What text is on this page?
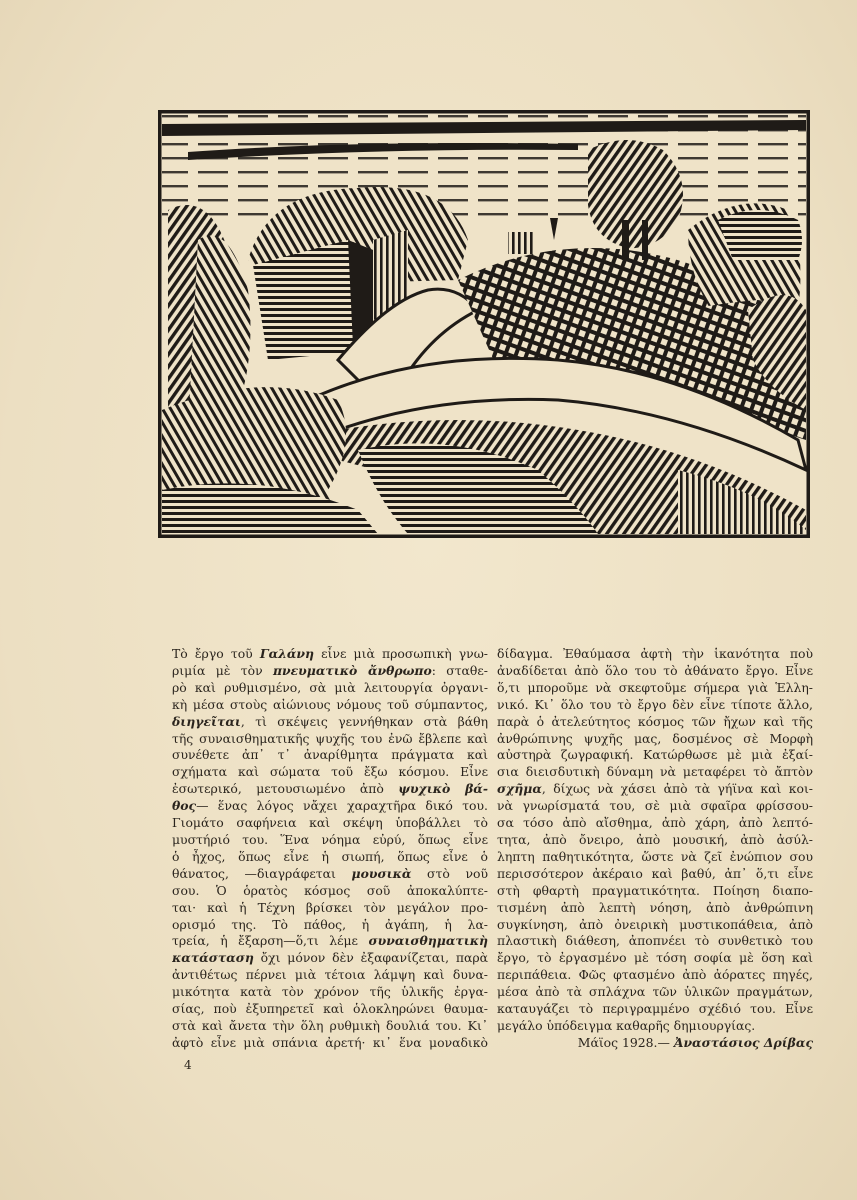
Τὸ ἔργο τοῦ Γαλάνη εἶνε μιὰ προσωπικὴ γνω-
ριμία μὲ τὸν πνευματικὸ ἄνθρωπο: σταθε-
ρὸ καὶ ρυθμισμένο, σὰ μιὰ λειτουργία ὀργανι-
κὴ μέσα στοὺς αἰώνιους νόμους τοῦ σύμπαντος,
διηγεῖται, τὶ σκέψεις γεννήθηκαν στὰ βάθη
τῆς συναισθηματικῆς ψυχῆς του ἐνῶ ἔβλεπε καὶ
συνέθετε ἀπ᾽ τ᾽ ἀναρίθμητα πράγματα καὶ
σχήματα καὶ σώματα τοῦ ἔξω κόσμου. Εἶνε
ἐσωτερικό, μετουσιωμένο ἀπὸ ψυχικὸ βά-
θος— ἕνας λόγος νἄχει χαραχτῆρα δικό του.
Γιομάτο σαφήνεια καὶ σκέψη ὑποβάλλει τὸ
μυστήριό του. Ἕνα νόημα εὐρύ, ὅπως εἶνε
ὁ ἦχος, ὅπως εἶνε ἡ σιωπή, ὅπως εἶνε ὁ
θάνατος, —διαγράφεται μουσικὰ στὸ νοῦ
σου. Ὁ ὁρατὸς κόσμος σοῦ ἀποκαλύπτε-
ται· καὶ ἡ Τέχνη βρίσκει τὸν μεγάλον προ-
ορισμό της. Τὸ πάθος, ἡ ἀγάπη, ἡ λα-
τρεία, ἡ ἔξαρση—ὅ,τι λέμε συναισθηματικὴ
κατάσταση ὄχι μόνον δὲν ἐξαφανίζεται, παρὰ
ἀντιθέτως πέρνει μιὰ τέτοια λάμψη καὶ δυνα-
μικότητα κατὰ τὸν χρόνον τῆς ὑλικῆς ἐργα-
σίας, ποὺ ἐξυπηρετεῖ καὶ ὁλοκληρώνει θαυμα-
στὰ καὶ ἄνετα τὴν ὅλη ρυθμικὴ δουλιά του. Κι᾽
ἀφτὸ εἶνε μιὰ σπάνια ἀρετή· κι᾽ ἕνα μοναδικὸ
δίδαγμα. Ἐθαύμασα ἀφτὴ τὴν ἱκανότητα ποὺ
ἀναδίδεται ἀπὸ ὅλο του τὸ ἀθάνατο ἔργο. Εἶνε
ὅ,τι μποροῦμε νὰ σκεφτοῦμε σήμερα γιὰ Ἑλλη-
νικό. Κι᾽ ὅλο του τὸ ἔργο δὲν εἶνε τίποτε ἄλλο,
παρὰ ὁ ἀτελεύτητος κόσμος τῶν ἤχων καὶ τῆς
ἀνθρώπινης ψυχῆς μας, δοσμένος σὲ Μορφὴ
αὐστηρὰ ζωγραφική. Κατώρθωσε μὲ μιὰ ἐξαί-
σια διεισδυτικὴ δύναμη νὰ μεταφέρει τὸ ἄπτὸν
σχῆμα, δίχως νὰ χάσει ἀπὸ τὰ γήϊνα καὶ κοι-
νὰ γνωρίσματά του, σὲ μιὰ σφαῖρα φρίσσου-
σα τόσο ἀπὸ αἴσθημα, ἀπὸ χάρη, ἀπὸ λεπτό-
τητα, ἀπὸ ὄνειρο, ἀπὸ μουσική, ἀπὸ ἀσύλ-
ληπτη παθητικότητα, ὥστε νὰ ζεῖ ἐνώπιον σου
περισσότερον ἀκέραιο καὶ βαθύ, ἀπ᾽ ὅ,τι εἶνε
στὴ φθαρτὴ πραγματικότητα. Ποίηση διαπο-
τισμένη ἀπὸ λεπτὴ νόηση, ἀπὸ ἀνθρώπινη
συγκίνηση, ἀπὸ ὀνειρικὴ μυστικοπάθεια, ἀπὸ
πλαστικὴ διάθεση, ἀποπνέει τὸ συνθετικὸ του
ἔργο, τὸ ἐργασμένο μὲ τόση σοφία μὲ ὅση καὶ
περιπάθεια. Φῶς φτασμένο ἀπὸ ἀόρατες πηγές,
μέσα ἀπὸ τὰ σπλάχνα τῶν ὑλικῶν πραγμάτων,
καταυγάζει τὸ περιγραμμένο σχέδιό του. Εἶνε
μεγάλο ὑπόδειγμα καθαρῆς δημιουργίας.
Μάϊος 1928.— Ἀναστάσιος Δρίβας
4
